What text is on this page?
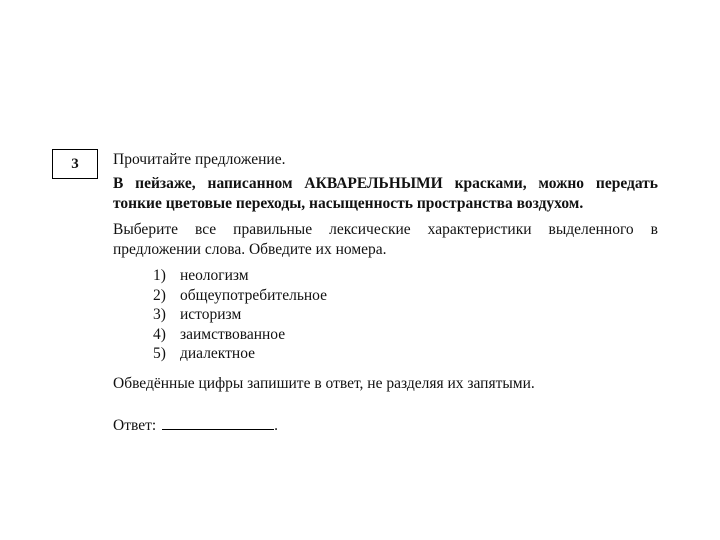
3 Прочитайте предложение.

В пейзаже, написанном АКВАРЕЛЬНЫМИ красками, можно передать тонкие цветовые переходы, насыщенность пространства воздухом.

Выберите все правильные лексические характеристики выделенного в предложении слова. Обведите их номера.

1) неологизм
2) общеупотребительное
3) историзм
4) заимствованное
5) диалектное

Обведённые цифры запишите в ответ, не разделяя их запятыми.

Ответ:	.
